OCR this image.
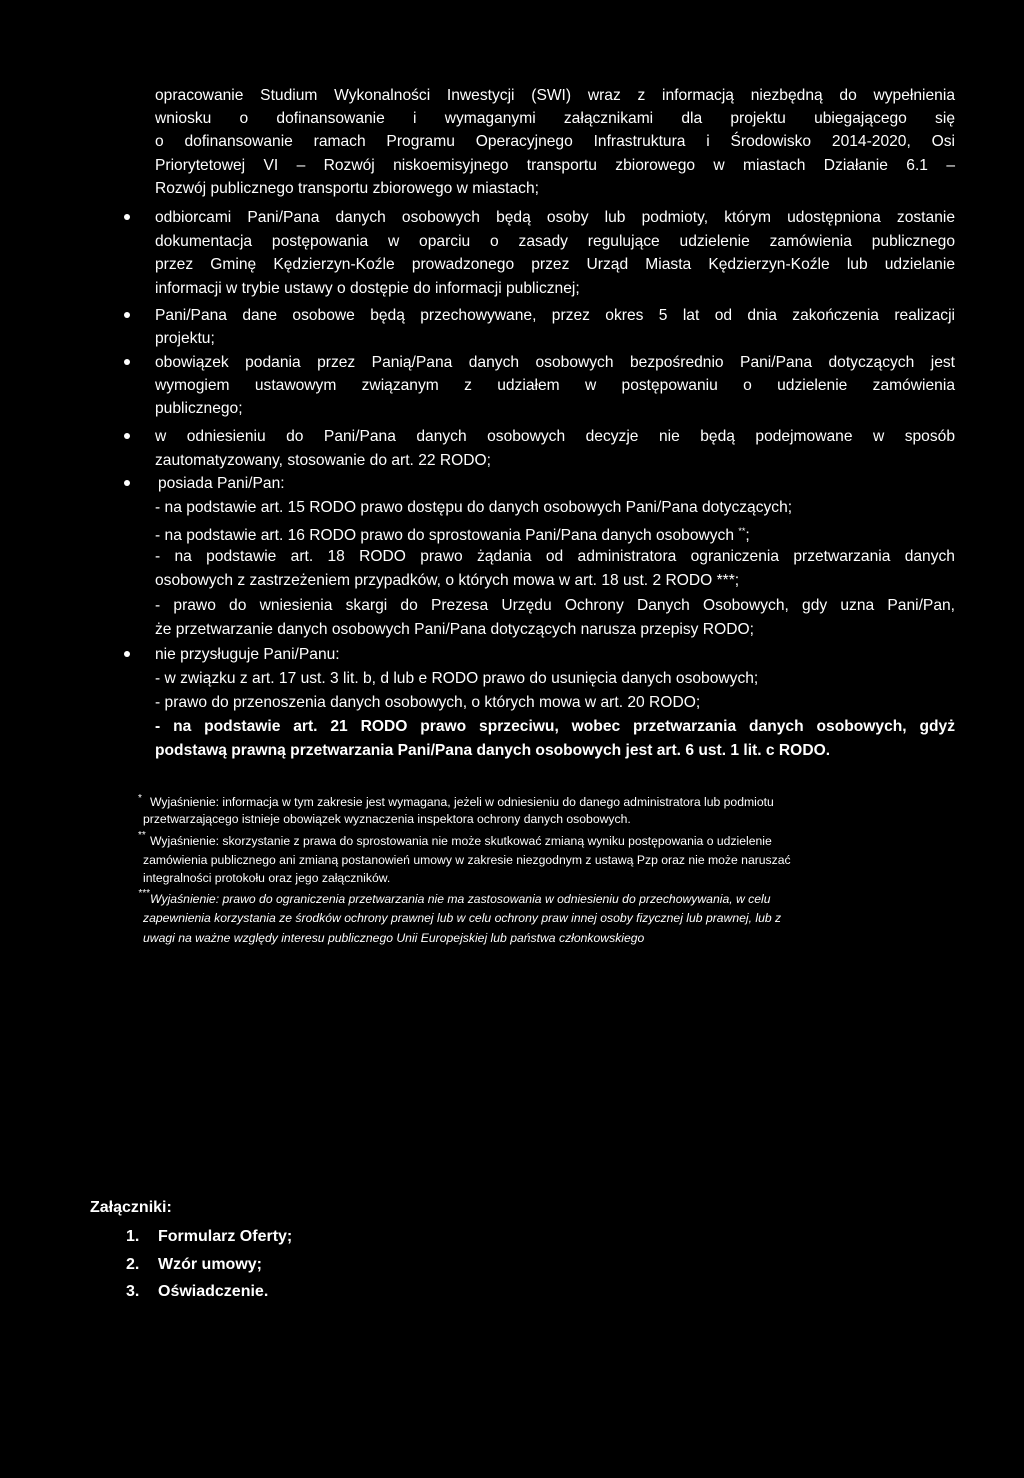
opracowanie Studium Wykonalności Inwestycji (SWI) wraz z informacją niezbędną do wypełnienia
wniosku o dofinansowanie i wymaganymi załącznikami dla projektu ubiegającego się
o dofinansowanie ramach Programu Operacyjnego Infrastruktura i Środowisko 2014-2020, Osi
Priorytetowej VI – Rozwój niskoemisyjnego transportu zbiorowego w miastach Działanie 6.1 –
Rozwój publicznego transportu zbiorowego w miastach;
odbiorcami Pani/Pana danych osobowych będą osoby lub podmioty, którym udostępniona zostanie
dokumentacja postępowania w oparciu o zasady regulujące udzielenie zamówienia publicznego
przez Gminę Kędzierzyn-Koźle prowadzonego przez Urząd Miasta Kędzierzyn-Koźle lub udzielanie
informacji w trybie ustawy o dostępie do informacji publicznej;
Pani/Pana dane osobowe będą przechowywane, przez okres 5 lat od dnia zakończenia realizacji
projektu;
obowiązek podania przez Panią/Pana danych osobowych bezpośrednio Pani/Pana dotyczących jest
wymogiem ustawowym związanym z udziałem w postępowaniu o udzielenie zamówienia
publicznego;
w odniesieniu do Pani/Pana danych osobowych decyzje nie będą podejmowane w sposób
zautomatyzowany, stosowanie do art. 22 RODO;
posiada Pani/Pan:
- na podstawie art. 15 RODO prawo dostępu do danych osobowych Pani/Pana dotyczących;
- na podstawie art. 16 RODO prawo do sprostowania Pani/Pana danych osobowych **;
- na podstawie art. 18 RODO prawo żądania od administratora ograniczenia przetwarzania danych
osobowych z zastrzeżeniem przypadków, o których mowa w art. 18 ust. 2 RODO ***;
- prawo do wniesienia skargi do Prezesa Urzędu Ochrony Danych Osobowych, gdy uzna Pani/Pan,
że przetwarzanie danych osobowych Pani/Pana dotyczących narusza przepisy RODO;
nie przysługuje Pani/Panu:
- w związku z art. 17 ust. 3 lit. b, d lub e RODO prawo do usunięcia danych osobowych;
- prawo do przenoszenia danych osobowych, o których mowa w art. 20 RODO;
- na podstawie art. 21 RODO prawo sprzeciwu, wobec przetwarzania danych osobowych, gdyż
podstawą prawną przetwarzania Pani/Pana danych osobowych jest art. 6 ust. 1 lit. c RODO.
* Wyjaśnienie: informacja w tym zakresie jest wymagana, jeżeli w odniesieniu do danego administratora lub podmiotu
przetwarzającego istnieje obowiązek wyznaczenia inspektora ochrony danych osobowych.
** Wyjaśnienie: skorzystanie z prawa do sprostowania nie może skutkować zmianą wyniku postępowania o udzielenie
zamówienia publicznego ani zmianą postanowień umowy w zakresie niezgodnym z ustawą Pzp oraz nie może naruszać
integralności protokołu oraz jego załączników.
*** Wyjaśnienie: prawo do ograniczenia przetwarzania nie ma zastosowania w odniesieniu do przechowywania, w celu
zapewnienia korzystania ze środków ochrony prawnej lub w celu ochrony praw innej osoby fizycznej lub prawnej, lub z
uwagi na ważne względy interesu publicznego Unii Europejskiej lub państwa członkowskiego
Załączniki:
1. Formularz Oferty;
2. Wzór umowy;
3. Oświadczenie.
